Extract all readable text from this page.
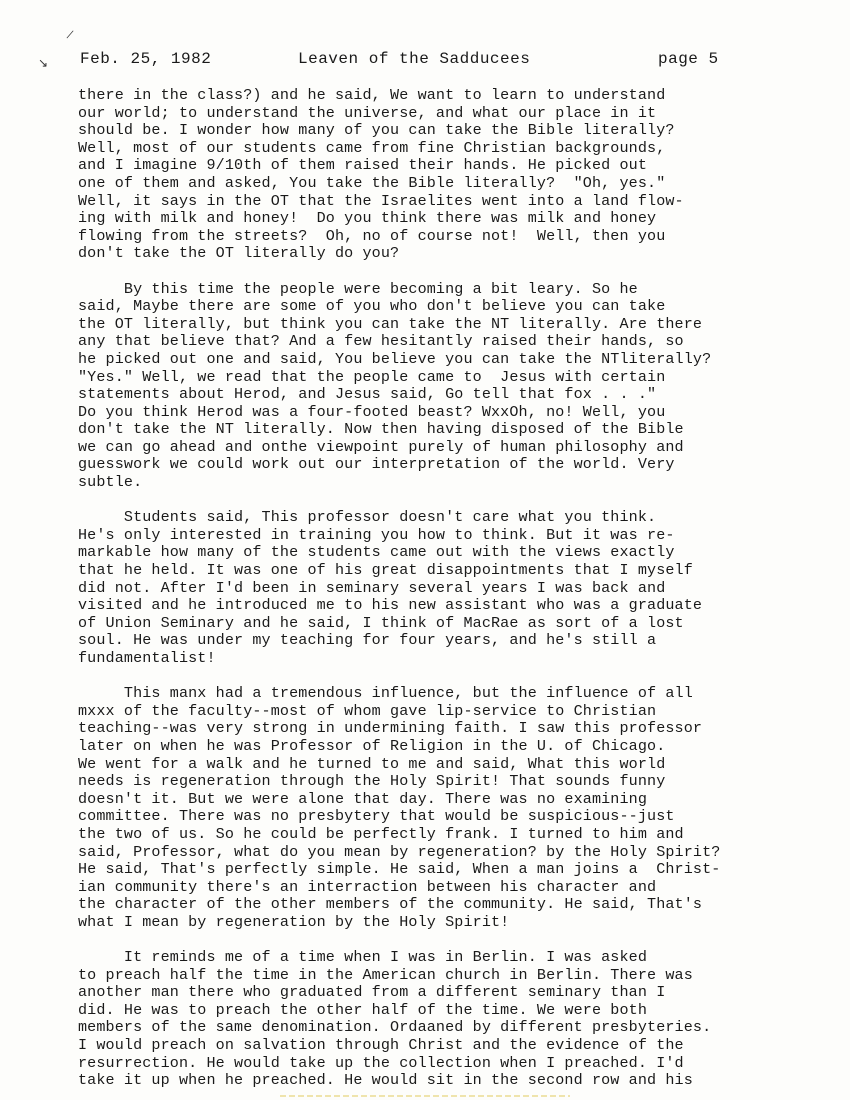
↘ Feb. 25, 1982	Leaven of the Sadducees	page 5
there in the class?) and he said, We want to learn to understand
our world; to understand the universe, and what our place in it
should be. I wonder how many of you can take the Bible literally?
Well, most of our students came from fine Christian backgrounds,
and I imagine 9/10th of them raised their hands. He picked out
one of them and asked, You take the Bible literally?  "Oh, yes."
Well, it says in the OT that the Israelites went into a land flow-
ing with milk and honey!  Do you think there was milk and honey
flowing from the streets?  Oh, no of course not!  Well, then you
don't take the OT literally do you?
By this time the people were becoming a bit leary. So he
said, Maybe there are some of you who don't believe you can take
the OT literally, but think you can take the NT literally. Are there
any that believe that? And a few hesitantly raised their hands, so
he picked out one and said, You believe you can take the NTliterally?
"Yes." Well, we read that the people came to  Jesus with certain
statements about Herod, and Jesus said, Go tell that fox . . ."
Do you think Herod was a four-footed beast? WxxOh, no! Well, you
don't take the NT literally. Now then having disposed of the Bible
we can go ahead and onthe viewpoint purely of human philosophy and
guesswork we could work out our interpretation of the world. Very
subtle.
Students said, This professor doesn't care what you think.
He's only interested in training you how to think. But it was re-
markable how many of the students came out with the views exactly
that he held. It was one of his great disappointments that I myself
did not. After I'd been in seminary several years I was back and
visited and he introduced me to his new assistant who was a graduate
of Union Seminary and he said, I think of MacRae as sort of a lost
soul. He was under my teaching for four years, and he's still a
fundamentalist!
This manx had a tremendous influence, but the influence of all
mxxx of the faculty--most of whom gave lip-service to Christian
teaching--was very strong in undermining faith. I saw this professor
later on when he was Professor of Religion in the U. of Chicago.
We went for a walk and he turned to me and said, What this world
needs is regeneration through the Holy Spirit! That sounds funny
doesn't it. But we were alone that day. There was no examining
committee. There was no presbytery that would be suspicious--just
the two of us. So he could be perfectly frank. I turned to him and
said, Professor, what do you mean by regeneration? by the Holy Spirit?
He said, That's perfectly simple. He said, When a man joins a  Christ-
ian community there's an interraction between his character and
the character of the other members of the community. He said, That's
what I mean by regeneration by the Holy Spirit!
It reminds me of a time when I was in Berlin. I was asked
to preach half the time in the American church in Berlin. There was
another man there who graduated from a different seminary than I
did. He was to preach the other half of the time. We were both
members of the same denomination. Ordaaned by different presbyteries.
I would preach on salvation through Christ and the evidence of the
resurrection. He would take up the collection when I preached. I'd
take it up when he preached. He would sit in the second row and his
